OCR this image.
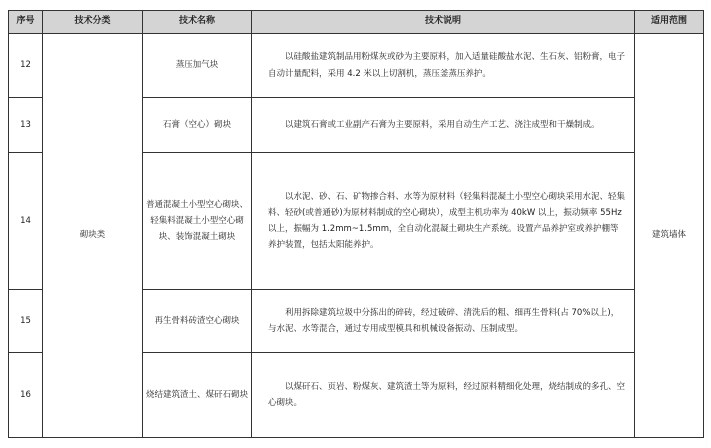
序号	技术分类	技术名称	技术说明	适用范围
12	砌块类	蒸压加气块	以硅酸盐建筑制品用粉煤灰或砂为主要原料，加入适量硅酸盐水泥、生石灰、铝粉膏，电子自动计量配料，采用 4.2 米以上切割机，蒸压釜蒸压养护。	建筑墙体
13		石膏（空心）砌块	以建筑石膏或工业副产石膏为主要原料，采用自动生产工艺、浇注成型和干燥制成。	

14		普通混凝土小型空心砌块、
轻集料混凝土小型空心砌
块、装饰混凝土砌块	以水泥、砂、石、矿物掺合料、水等为原材料（轻集料混凝土小型空心砌块采用水泥、轻集料、轻砂(或普通砂)为原材料制成的空心砌块），成型主机功率为 40kW 以上，振动频率 55Hz 以上，振幅为 1.2mm~1.5mm，全自动化混凝土砌块生产系统。设置产品养护室或养护棚等养护装置，包括太阳能养护。	

15		再生骨料砖渣空心砌块	利用拆除建筑垃圾中分拣出的碎砖，经过破碎、清洗后的粗、细再生骨料(占 70%以上)，与水泥、水等混合，通过专用成型模具和机械设备振动、压制成型。	

16		烧结建筑渣土、煤矸石砌块	以煤矸石、页岩、粉煤灰、建筑渣土等为原料，经过原料精细化处理，烧结制成的多孔、空心砌块。	
